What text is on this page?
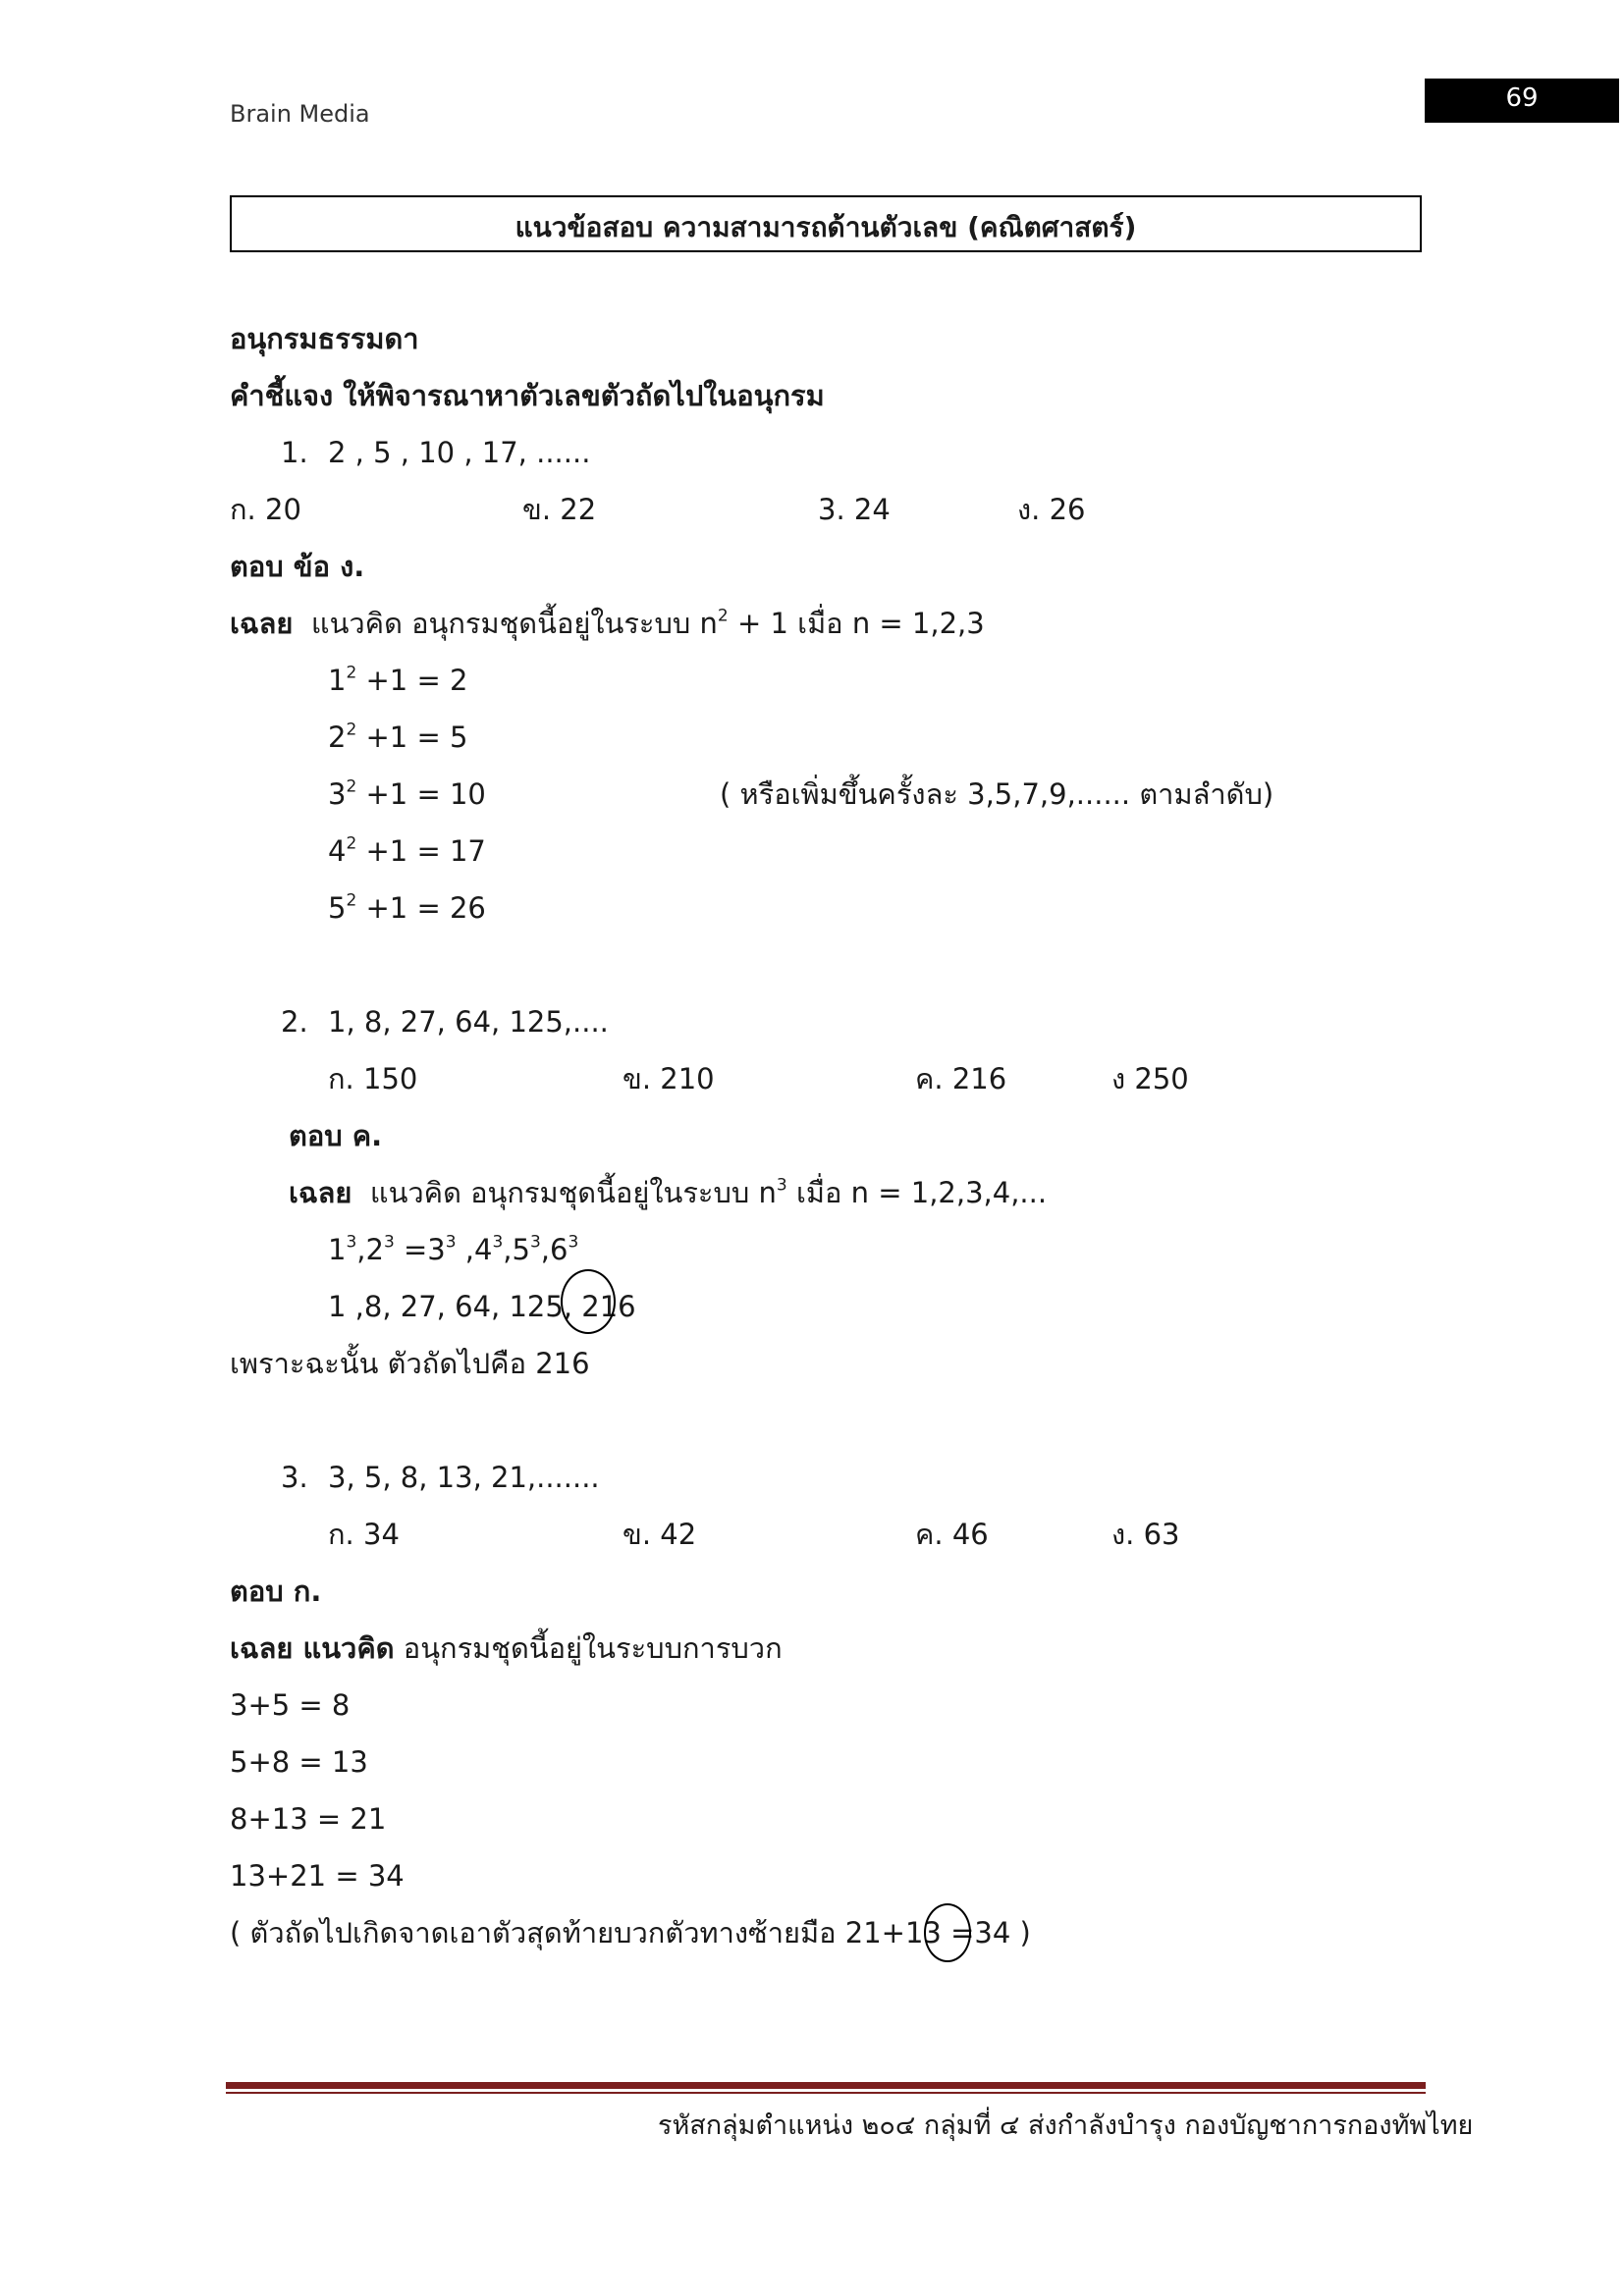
Brain Media
69
แนวข้อสอบ ความสามารถด้านตัวเลข (คณิตศาสตร์)
อนุกรมธรรมดา
คำชี้แจง ให้พิจารณาหาตัวเลขตัวถัดไปในอนุกรม
1. 2 , 5 , 10 , 17, ......
ก. 20	ข. 22	3. 24	ง. 26
ตอบ ข้อ ง.
เฉลย แนวคิด อนุกรมชุดนี้อยู่ในระบบ $n^2 + 1$ เมื่อ n = 1,2,3
$1^2 +1 = 2$
$2^2 +1 = 5$
$3^2 +1 = 10$	( หรือเพิ่มขึ้นครั้งละ 3,5,7,9,...... ตามลำดับ)
$4^2 +1 = 17$
$5^2 +1 = 26$
2. 1, 8, 27, 64, 125,....
ก. 150	ข. 210	ค. 216	ง 250
ตอบ ค.
เฉลย แนวคิด อนุกรมชุดนี้อยู่ในระบบ $n^3$ เมื่อ n = 1,2,3,4,...
$1^3,2^3 =3^3$ $,4^3,5^3,6^3$
1 ,8, 27, 64, 125, 216
เพราะฉะนั้น ตัวถัดไปคือ 216
3. 3, 5, 8, 13, 21,.......
ก. 34	ข. 42	ค. 46	ง. 63
ตอบ ก.
เฉลย แนวคิด อนุกรมชุดนี้อยู่ในระบบการบวก
3+5 = 8
5+8 = 13
8+13 = 21
13+21 = 34
( ตัวถัดไปเกิดจาดเอาตัวสุดท้ายบวกตัวทางซ้ายมือ 21+13 =34 )
รหัสกลุ่มตำแหน่ง ๒๐๔ กลุ่มที่ ๔ ส่งกำลังบำรุง กองบัญชาการกองทัพไทย
